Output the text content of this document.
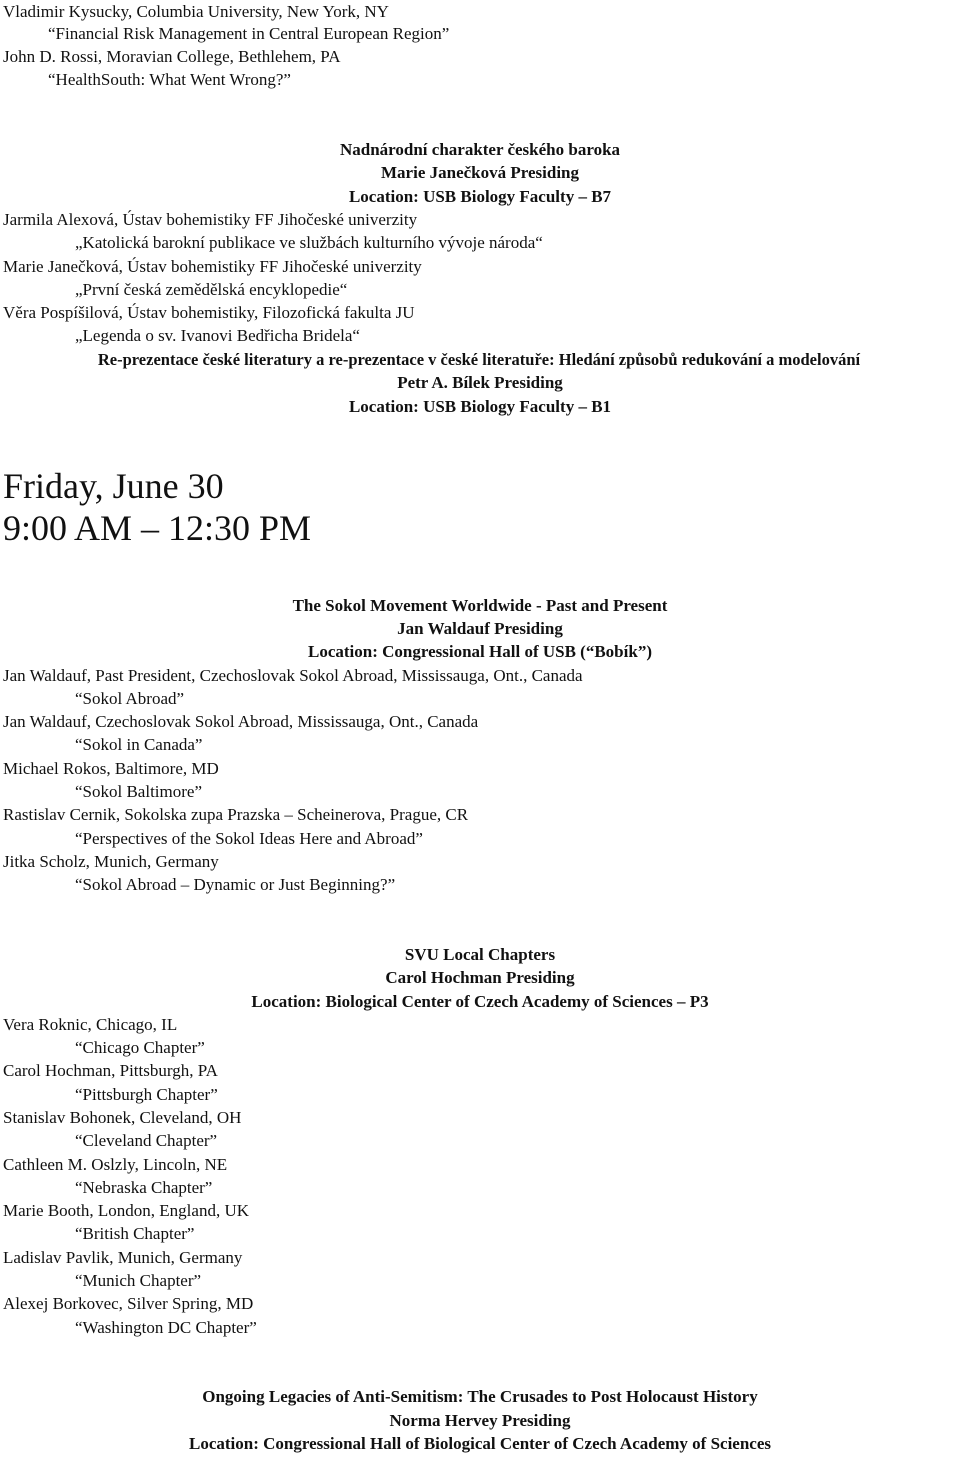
Vladimir Kysucky, Columbia University, New York, NY
“Financial Risk Management in Central European Region”
John D. Rossi, Moravian College, Bethlehem, PA
“HealthSouth: What Went Wrong?”
Nadnárodní charakter českého baroka
Marie Janečková Presiding
Location: USB Biology Faculty – B7
Jarmila Alexová, Ústav bohemistiky FF Jihočeské univerzity
„Katolická barokní publikace ve službách kulturního vývoje národa“
Marie Janečková, Ústav bohemistiky FF Jihočeské univerzity
„První česká zemědělská encyklopedie“
Věra Pospíšilová, Ústav bohemistiky, Filozofická fakulta JU
„Legenda o sv. Ivanovi Bedřicha Bridela“
Re-prezentace české literatury a re-prezentace v české literatuře: Hledání způsobů redukování a modelování
Petr A. Bílek Presiding
Location: USB Biology Faculty – B1
Friday, June 30
9:00 AM – 12:30 PM
The Sokol Movement Worldwide - Past and Present
Jan Waldauf Presiding
Location: Congressional Hall of USB (“Bobík”)
Jan Waldauf, Past President, Czechoslovak Sokol Abroad, Mississauga, Ont., Canada
“Sokol Abroad”
Jan Waldauf, Czechoslovak Sokol Abroad, Mississauga, Ont., Canada
“Sokol in Canada”
Michael Rokos, Baltimore, MD
“Sokol Baltimore”
Rastislav Cernik, Sokolska zupa Prazska – Scheinerova, Prague, CR
“Perspectives of the Sokol Ideas Here and Abroad”
Jitka Scholz, Munich, Germany
“Sokol Abroad – Dynamic or Just Beginning?”
SVU Local Chapters
Carol Hochman Presiding
Location: Biological Center of Czech Academy of Sciences – P3
Vera Roknic, Chicago, IL
“Chicago Chapter”
Carol Hochman, Pittsburgh, PA
“Pittsburgh Chapter”
Stanislav Bohonek, Cleveland, OH
“Cleveland Chapter”
Cathleen M. Oslzly, Lincoln, NE
“Nebraska Chapter”
Marie Booth, London, England, UK
“British Chapter”
Ladislav Pavlik, Munich, Germany
“Munich Chapter”
Alexej Borkovec, Silver Spring, MD
“Washington DC Chapter”
Ongoing Legacies of Anti-Semitism: The Crusades to Post Holocaust History
Norma Hervey Presiding
Location: Congressional Hall of Biological Center of Czech Academy of Sciences
